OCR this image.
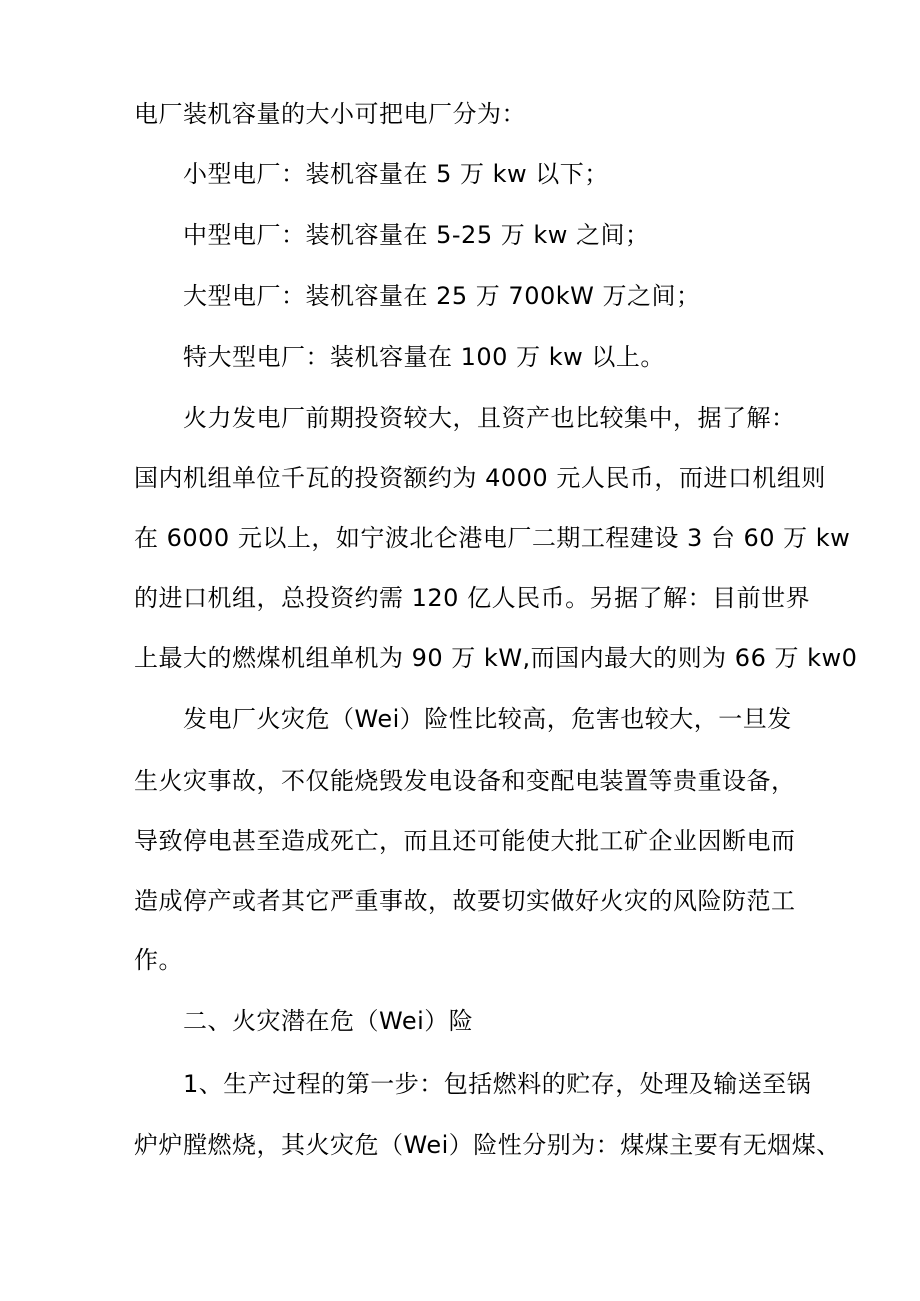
电厂装机容量的大小可把电厂分为：
小型电厂：装机容量在 5 万 kw 以下；
中型电厂：装机容量在 5-25 万 kw 之间；
大型电厂：装机容量在 25 万 700kW 万之间；
特大型电厂：装机容量在 100 万 kw 以上。
火力发电厂前期投资较大，且资产也比较集中，据了解：
国内机组单位千瓦的投资额约为 4000 元人民币，而进口机组则
在 6000 元以上，如宁波北仑港电厂二期工程建设 3 台 60 万 kw
的进口机组，总投资约需 120 亿人民币。另据了解：目前世界
上最大的燃煤机组单机为 90 万 kW,而国内最大的则为 66 万 kw0
发电厂火灾危（Wei）险性比较高，危害也较大，一旦发
生火灾事故，不仅能烧毁发电设备和变配电装置等贵重设备，
导致停电甚至造成死亡，而且还可能使大批工矿企业因断电而
造成停产或者其它严重事故，故要切实做好火灾的风险防范工
作。
二、火灾潜在危（Wei）险
1、生产过程的第一步：包括燃料的贮存，处理及输送至锅
炉炉膛燃烧，其火灾危（Wei）险性分别为：煤煤主要有无烟煤、
